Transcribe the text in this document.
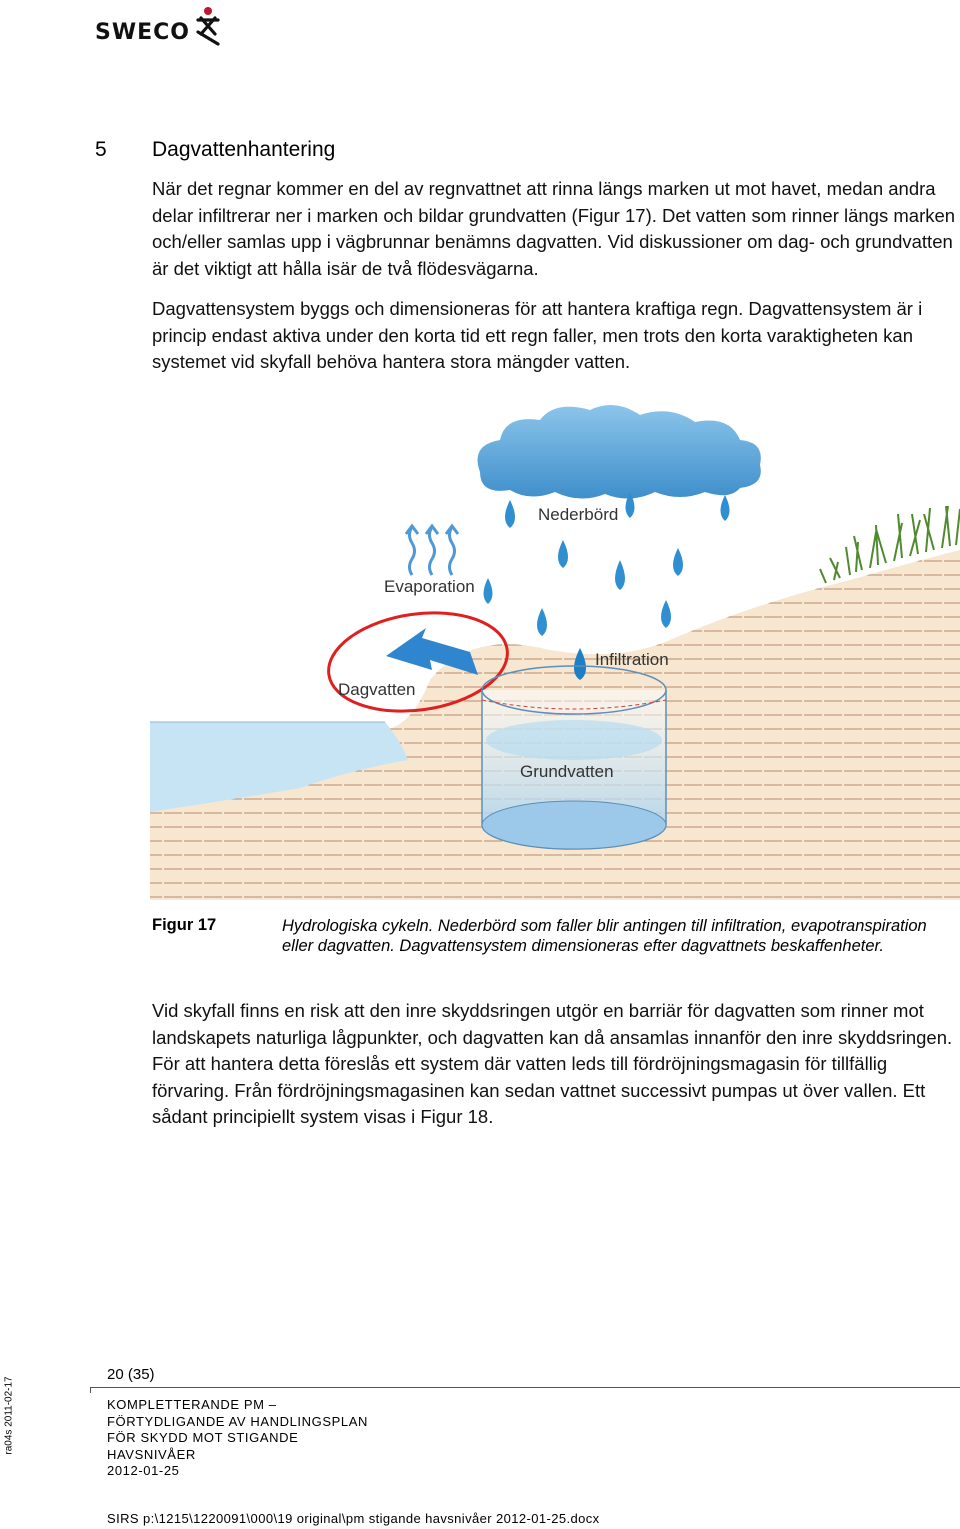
SWECO
5 Dagvattenhantering
När det regnar kommer en del av regnvattnet att rinna längs marken ut mot havet, medan andra delar infiltrerar ner i marken och bildar grundvatten (Figur 17). Det vatten som rinner längs marken och/eller samlas upp i vägbrunnar benämns dagvatten. Vid diskussioner om dag- och grundvatten är det viktigt att hålla isär de två flödesvägarna.
Dagvattensystem byggs och dimensioneras för att hantera kraftiga regn. Dagvattensystem är i princip endast aktiva under den korta tid ett regn faller, men trots den korta varaktigheten kan systemet vid skyfall behöva hantera stora mängder vatten.
Nederbörd
Evaporation
Infiltration
Dagvatten
Grundvatten
Figur 17	Hydrologiska cykeln. Nederbörd som faller blir antingen till infiltration, evapotranspiration eller dagvatten. Dagvattensystem dimensioneras efter dagvattnets beskaffenheter.
Vid skyfall finns en risk att den inre skyddsringen utgör en barriär för dagvatten som rinner mot landskapets naturliga lågpunkter, och dagvatten kan då ansamlas innanför den inre skyddsringen. För att hantera detta föreslås ett system där vatten leds till fördröjningsmagasin för tillfällig förvaring. Från fördröjningsmagasinen kan sedan vattnet successivt pumpas ut över vallen. Ett sådant principiellt system visas i Figur 18.
20 (35)
KOMPLETTERANDE PM –
FÖRTYDLIGANDE AV HANDLINGSPLAN
FÖR SKYDD MOT STIGANDE
HAVSNIVÅER
2012-01-25
SIRS p:\1215\1220091\000\19 original\pm stigande havsnivåer 2012-01-25.docx
ra04s 2011-02-17
